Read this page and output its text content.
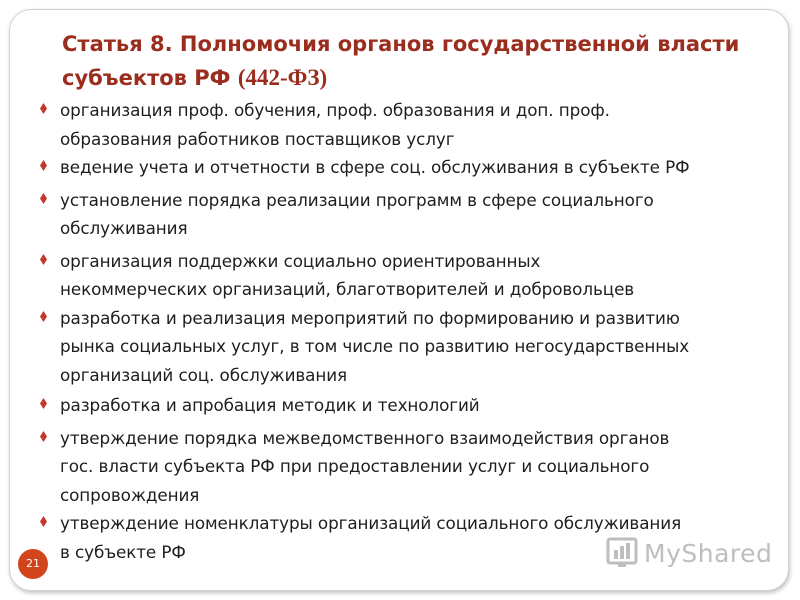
Статья 8. Полномочия органов государственной власти
субъектов РФ (442-ФЗ)
организация проф. обучения, проф. образования и доп. проф.
образования работников поставщиков услуг
ведение учета и отчетности в сфере соц. обслуживания в субъекте РФ
установление порядка реализации программ в сфере социального
обслуживания
организация поддержки социально ориентированных
некоммерческих организаций, благотворителей и добровольцев
разработка и реализация мероприятий по формированию и развитию
рынка социальных услуг, в том числе по развитию негосударственных
организаций соц. обслуживания
разработка и апробация методик и технологий
утверждение порядка межведомственного взаимодействия органов
гос. власти субъекта РФ при предоставлении услуг и социального
сопровождения
утверждение номенклатуры организаций социального обслуживания
в субъекте РФ
21	MyShared
